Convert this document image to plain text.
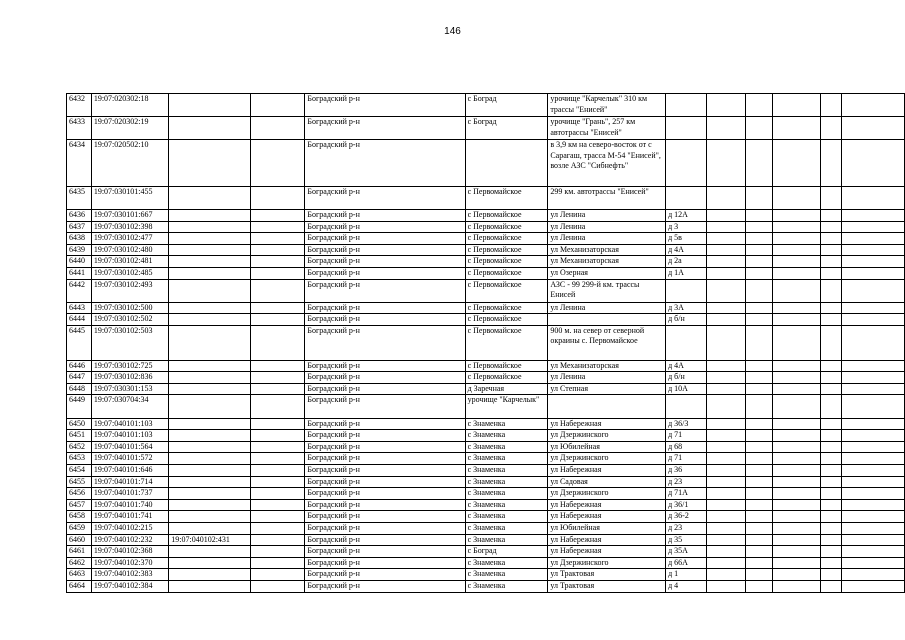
146
6432	19:07:020302:18			Боградский р-н	с Боград	урочище "Карчелык" 310 км трассы "Енисей"						
6433	19:07:020302:19			Боградский р-н	с Боград	урочище "Грань", 257 км автотрассы "Енисей"						
6434	19:07:020502:10			Боградский р-н		в 3,9 км на северо-восток от с Сарагаш, трасса М-54 "Енисей", возле АЗС "Сибнефть"						
6435	19:07:030101:455			Боградский р-н	с Первомайское	299 км. автотрассы "Енисей"						
6436	19:07:030101:667			Боградский р-н	с Первомайское	ул Ленина	д 12А					
6437	19:07:030102:398			Боградский р-н	с Первомайское	ул Ленина	д 3					
6438	19:07:030102:477			Боградский р-н	с Первомайское	ул Ленина	д 5в					
6439	19:07:030102:480			Боградский р-н	с Первомайское	ул Механизаторская	д 4А					
6440	19:07:030102:481			Боградский р-н	с Первомайское	ул Механизаторская	д 2а					
6441	19:07:030102:485			Боградский р-н	с Первомайское	ул Озерная	д 1А					
6442	19:07:030102:493			Боградский р-н	с Первомайское	АЗС - 99 299-й км. трассы Енисей						
6443	19:07:030102:500			Боградский р-н	с Первомайское	ул Ленина	д 3А					
6444	19:07:030102:502			Боградский р-н	с Первомайское		д б/н					
6445	19:07:030102:503			Боградский р-н	с Первомайское	900 м. на север от северной окраины с. Первомайское						
6446	19:07:030102:725			Боградский р-н	с Первомайское	ул Механизаторская	д 4А					
6447	19:07:030102:836			Боградский р-н	с Первомайское	ул Ленина	д б/н					
6448	19:07:030301:153			Боградский р-н	д Заречная	ул Степная	д 10А					
6449	19:07:030704:34			Боградский р-н	урочище "Карчелык"							
6450	19:07:040101:103			Боградский р-н	с Знаменка	ул Набережная	д 36/3					
6451	19:07:040101:103			Боградский р-н	с Знаменка	ул Дзержинского	д 71					
6452	19:07:040101:564			Боградский р-н	с Знаменка	ул Юбилейная	д 68					
6453	19:07:040101:572			Боградский р-н	с Знаменка	ул Дзержинского	д 71					
6454	19:07:040101:646			Боградский р-н	с Знаменка	ул Набережная	д 36					
6455	19:07:040101:714			Боградский р-н	с Знаменка	ул Садовая	д 23					
6456	19:07:040101:737			Боградский р-н	с Знаменка	ул Дзержинского	д 71А					
6457	19:07:040101:740			Боградский р-н	с Знаменка	ул Набережная	д 36/1					
6458	19:07:040101:741			Боградский р-н	с Знаменка	ул Набережная	д 36-2					
6459	19:07:040102:215			Боградский р-н	с Знаменка	ул Юбилейная	д 23					
6460	19:07:040102:232	19:07:040102:431		Боградский р-н	с Знаменка	ул Набережная	д 35					
6461	19:07:040102:368			Боградский р-н	с Боград	ул Набережная	д 35А					
6462	19:07:040102:370			Боградский р-н	с Знаменка	ул Дзержинского	д 66А					
6463	19:07:040102:383			Боградский р-н	с Знаменка	ул Трактовая	д 1					
6464	19:07:040102:384			Боградский р-н	с Знаменка	ул Трактовая	д 4					
